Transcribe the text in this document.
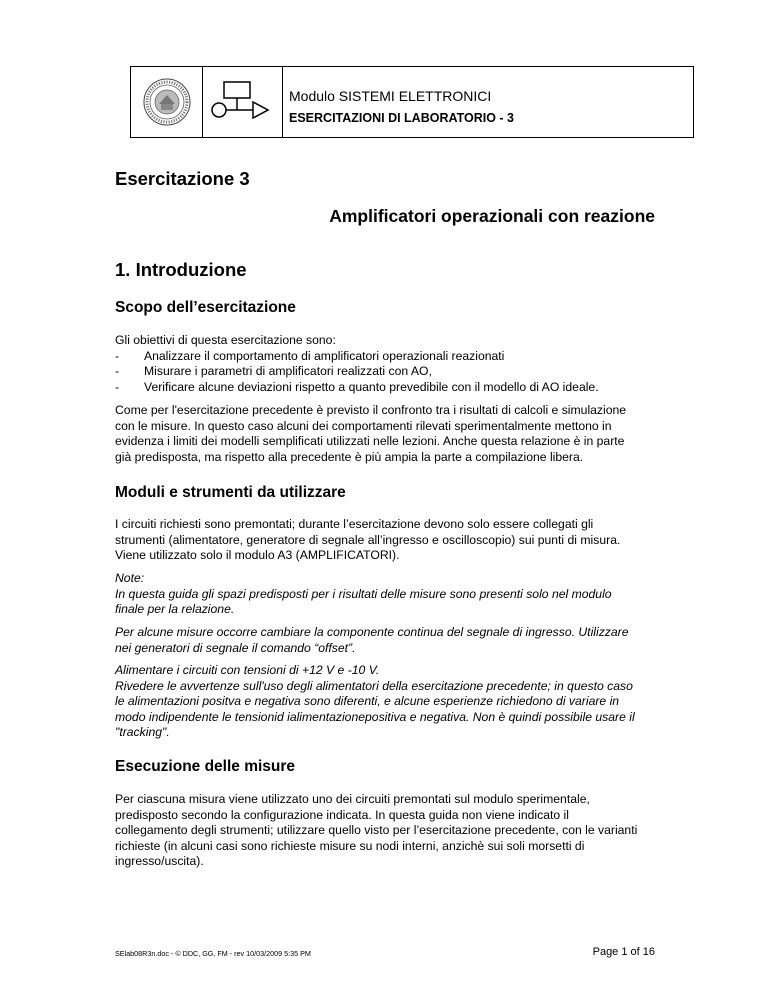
Modulo SISTEMI ELETTRONICI
ESERCITAZIONI DI LABORATORIO - 3
Esercitazione 3
Amplificatori operazionali con reazione
1. Introduzione
Scopo dell’esercitazione
Gli obiettivi di questa esercitazione sono:
- Analizzare il comportamento di amplificatori operazionali reazionati
- Misurare i parametri di amplificatori realizzati con AO,
- Verificare alcune deviazioni rispetto a quanto prevedibile con il modello di AO ideale.
Come per l'esercitazione precedente è previsto il confronto tra i risultati di calcoli e simulazione
con le misure. In questo caso alcuni dei comportamenti rilevati sperimentalmente mettono in
evidenza i limiti dei modelli semplificati utilizzati nelle lezioni. Anche questa relazione è in parte
già predisposta, ma rispetto alla precedente è più ampia la parte a compilazione libera.
Moduli e strumenti da utilizzare
I circuiti richiesti sono premontati; durante l’esercitazione devono solo essere collegati gli
strumenti (alimentatore, generatore di segnale all’ingresso e oscilloscopio) sui punti di misura.
Viene utilizzato solo il modulo A3 (AMPLIFICATORI).
Note:
In questa guida gli spazi predisposti per i risultati delle misure sono presenti solo nel modulo
finale per la relazione.
Per alcune misure occorre cambiare la componente continua del segnale di ingresso. Utilizzare
nei generatori di segnale il comando “offset”.
Alimentare i circuiti con tensioni di +12 V e -10 V.
Rivedere le avvertenze sull'uso degli alimentatori della esercitazione precedente; in questo caso
le alimentazioni positva e negativa sono diferenti, e alcune esperienze richiedono di variare in
modo indipendente le tensionid ialimentazionepositiva e negativa. Non è quindi possibile usare il
"tracking".
Esecuzione delle misure
Per ciascuna misura viene utilizzato uno dei circuiti premontati sul modulo sperimentale,
predisposto secondo la configurazione indicata. In questa guida non viene indicato il
collegamento degli strumenti; utilizzare quello visto per l’esercitazione precedente, con le varianti
richieste (in alcuni casi sono richieste misure su nodi interni, anzichè sui soli morsetti di
ingresso/uscita).
SElab08R3n.doc - © DDC, GG, FM - rev 10/03/2009 5:35 PM	Page 1 of 16
